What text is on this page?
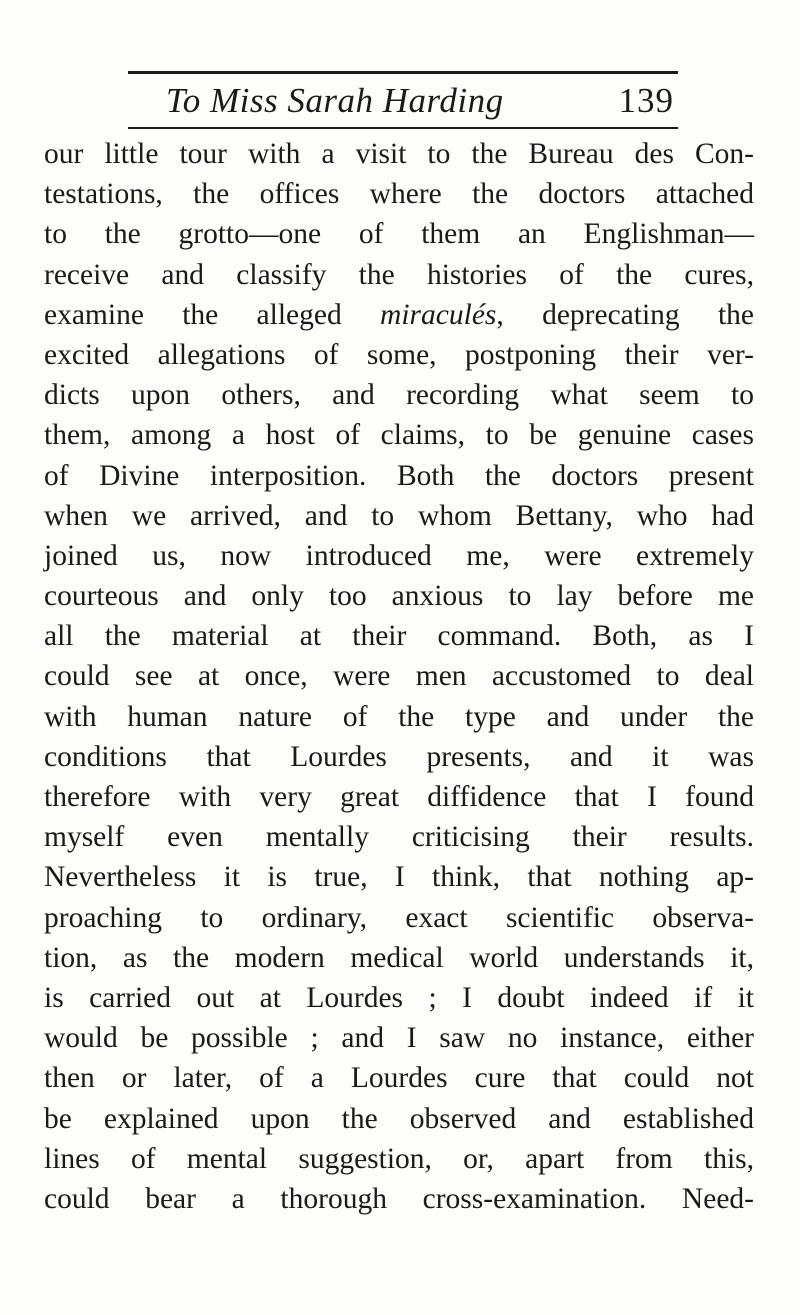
To Miss Sarah Harding	139
our little tour with a visit to the Bureau des Con-
testations, the offices where the doctors attached
to the grotto—one of them an Englishman—
receive and classify the histories of the cures,
examine the alleged miraculés, deprecating the
excited allegations of some, postponing their ver-
dicts upon others, and recording what seem to
them, among a host of claims, to be genuine cases
of Divine interposition. Both the doctors present
when we arrived, and to whom Bettany, who had
joined us, now introduced me, were extremely
courteous and only too anxious to lay before me
all the material at their command. Both, as I
could see at once, were men accustomed to deal
with human nature of the type and under the
conditions that Lourdes presents, and it was
therefore with very great diffidence that I found
myself even mentally criticising their results.
Nevertheless it is true, I think, that nothing ap-
proaching to ordinary, exact scientific observa-
tion, as the modern medical world understands it,
is carried out at Lourdes ; I doubt indeed if it
would be possible ; and I saw no instance, either
then or later, of a Lourdes cure that could not
be explained upon the observed and established
lines of mental suggestion, or, apart from this,
could bear a thorough cross-examination. Need-
